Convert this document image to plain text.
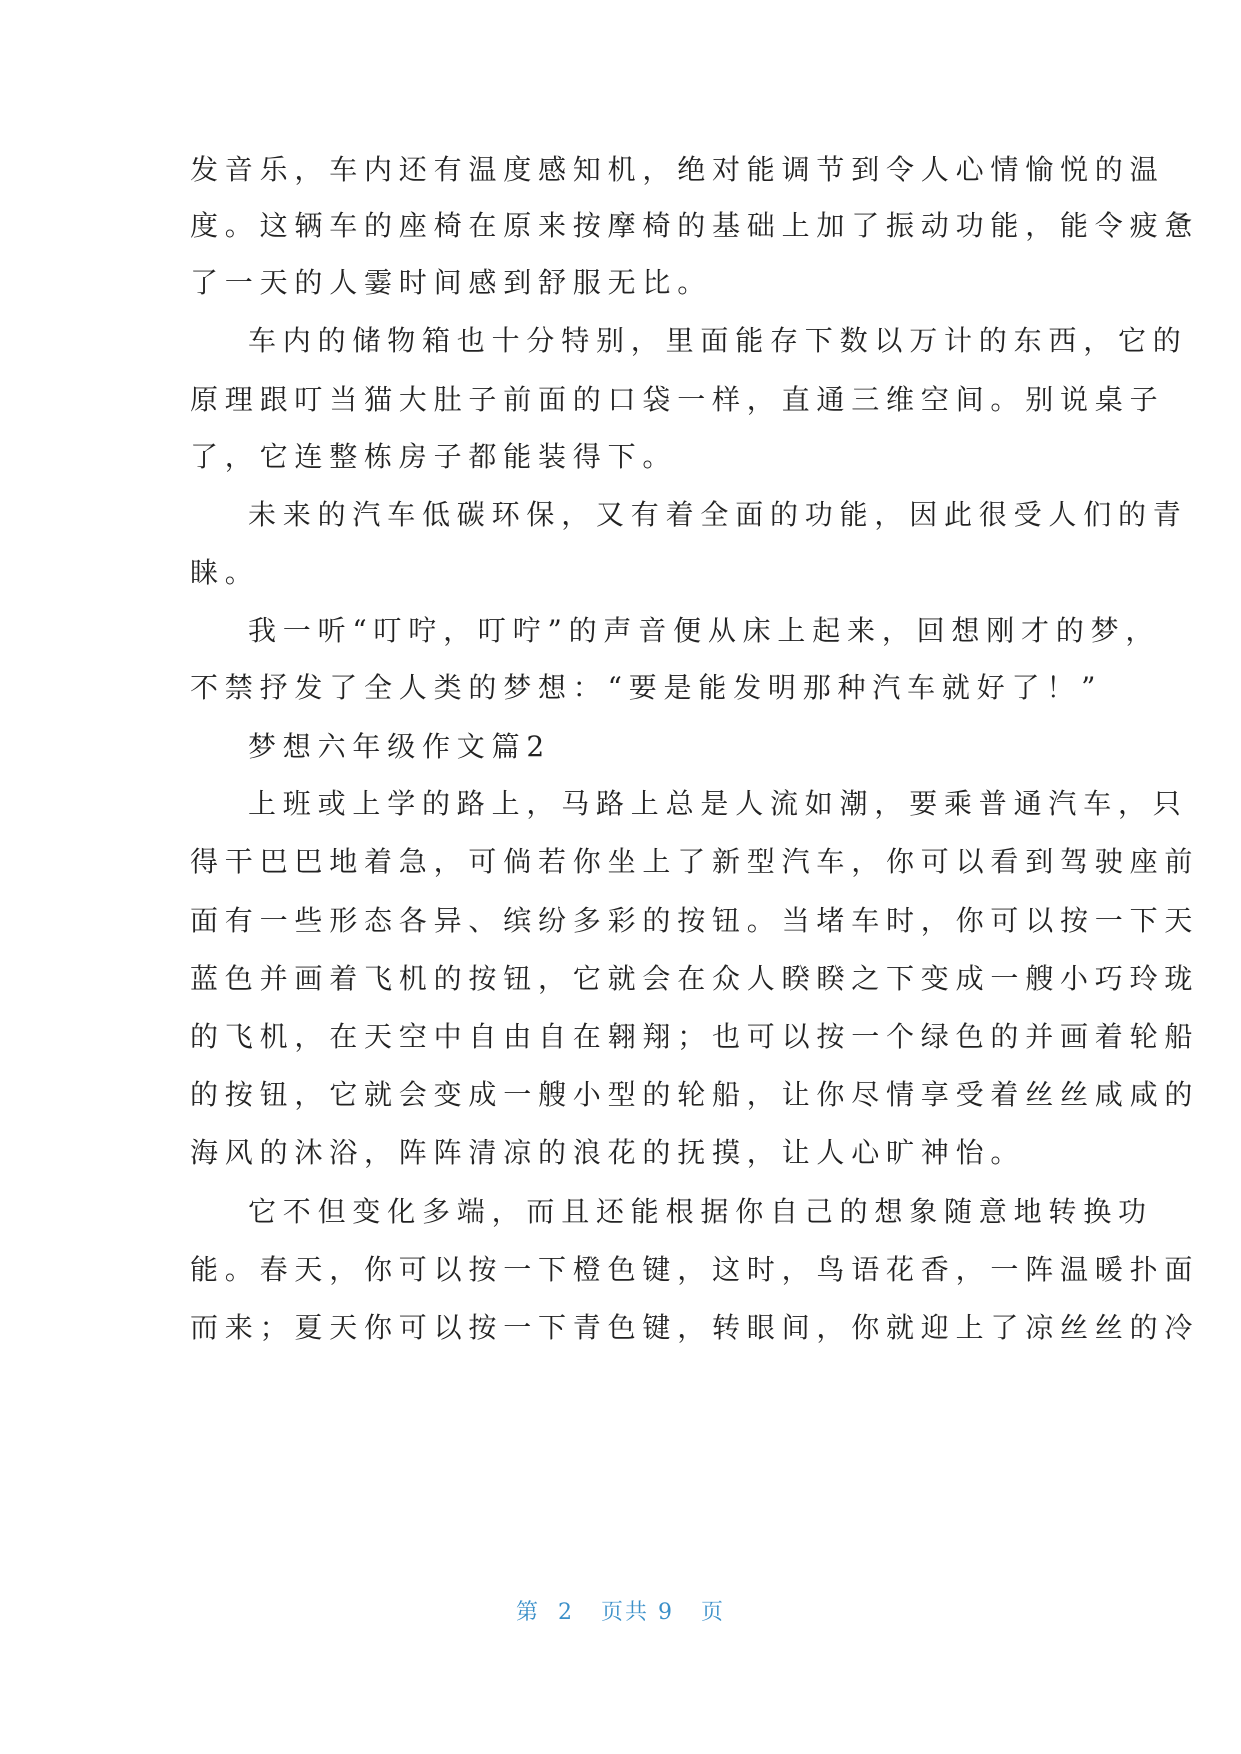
发音乐，车内还有温度感知机，绝对能调节到令人心情愉悦的温
度。这辆车的座椅在原来按摩椅的基础上加了振动功能，能令疲惫
了一天的人霎时间感到舒服无比。
车内的储物箱也十分特别，里面能存下数以万计的东西，它的
原理跟叮当猫大肚子前面的口袋一样，直通三维空间。别说桌子
了，它连整栋房子都能装得下。
未来的汽车低碳环保，又有着全面的功能，因此很受人们的青
睐。
我一听“叮咛，叮咛”的声音便从床上起来，回想刚才的梦，
不禁抒发了全人类的梦想：“要是能发明那种汽车就好了！”
梦想六年级作文篇2
上班或上学的路上，马路上总是人流如潮，要乘普通汽车，只
得干巴巴地着急，可倘若你坐上了新型汽车，你可以看到驾驶座前
面有一些形态各异、缤纷多彩的按钮。当堵车时，你可以按一下天
蓝色并画着飞机的按钮，它就会在众人睽睽之下变成一艘小巧玲珑
的飞机，在天空中自由自在翱翔；也可以按一个绿色的并画着轮船
的按钮，它就会变成一艘小型的轮船，让你尽情享受着丝丝咸咸的
海风的沐浴，阵阵清凉的浪花的抚摸，让人心旷神怡。
它不但变化多端，而且还能根据你自己的想象随意地转换功
能。春天，你可以按一下橙色键，这时，鸟语花香，一阵温暖扑面
而来；夏天你可以按一下青色键，转眼间，你就迎上了凉丝丝的冷
第  2   页共 9   页
